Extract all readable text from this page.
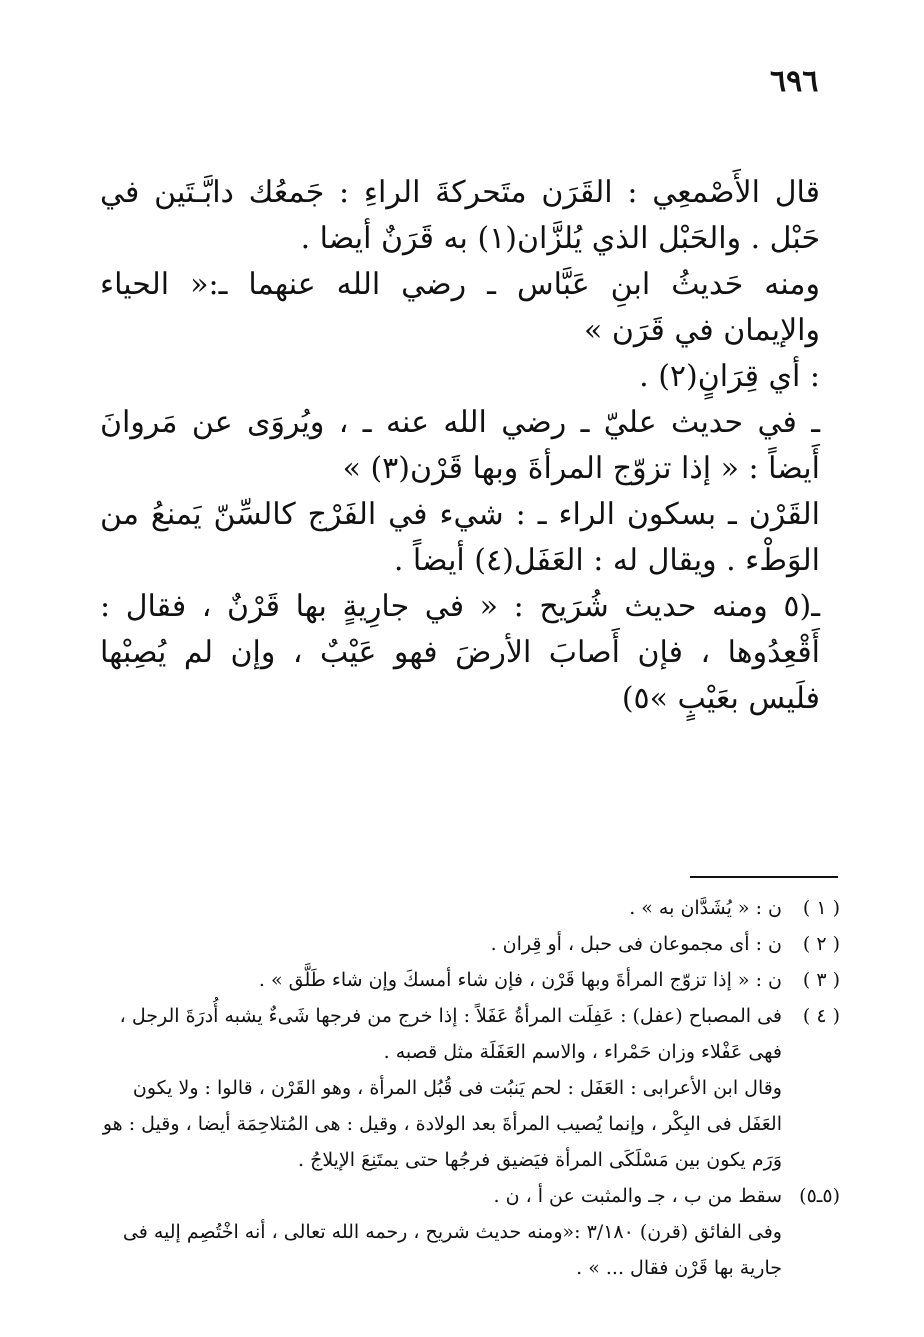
٦٩٦

قال الأَصْمعِي : القَرَن متَحركةَ الراءِ : جَمعُك دابَّـتَين في حَبْل . والحَبْل الذي يُلزَّان(١) به قَرَنٌ أيضا .

ومنه حَديثُ ابنِ عَبَّاس ـ رضي الله عنهما ـ:« الحياء والإيمان في قَرَن »

: أي قِرَانٍ(٢) .

ـ في حديث عليّ ـ رضي الله عنه ـ ، ويُروَى عن مَروانَ أَيضاً : « إذا تزوّج المرأةَ وبها قَرْن(٣) »

القَرْن ـ بسكون الراء ـ : شيء في الفَرْج كالسِّنّ يَمنعُ من الوَطْء . ويقال له : العَفَل(٤) أيضاً .

ـ(٥ ومنه حديث شُرَيح : « في جارِيةٍ بها قَرْنٌ ، فقال : أَقْعِدُوها ، فإن أَصابَ الأرضَ فهو عَيْبٌ ، وإن لم يُصِبْها فلَيس بعَيْبٍ »٥)

( ١ )
ن : « يُشَدَّان به » .
( ٢ )
ن : أى مجموعان فى حبل ، أو قِران .
( ٣ )
ن : « إذا تزوّج المرأةَ وبها قَرْن ، فإن شاء أمسكَ وإن شاء طَلَّق » .
( ٤ )
فى المصباح (عفل) : عَفِلَت المرأةُ عَفَلاً : إذا خرج من فرجها شَىءٌ يشبه أُدرَةَ الرجل ، فهى عَفْلاء وزان حَمْراء ، والاسم العَفَلَة مثل قصبه .

وقال ابن الأعرابى : العَفَل : لحم يَنبُت فى قُبُل المرأة ، وهو القَرْن ، قالوا : ولا يكون العَفَل فى البِكْر ، وإنما يُصيب المرأةَ بعد الولادة ، وقيل : هى المُتلاحِمَة أيضا ، وقيل : هو وَرَم يكون بين مَسْلَكَى المرأة فيَضيق فرجُها حتى يمتَنِعَ الإيلاجُ .

(٥ـ٥)
سقط من ب ، جـ والمثبت عن أ ، ن .

وفى الفائق (قرن) ٣/١٨٠ :«ومنه حديث شريح ، رحمه الله تعالى ، أنه اخْتُصِم إليه فى جارية بها قَرْن فقال ... » .
